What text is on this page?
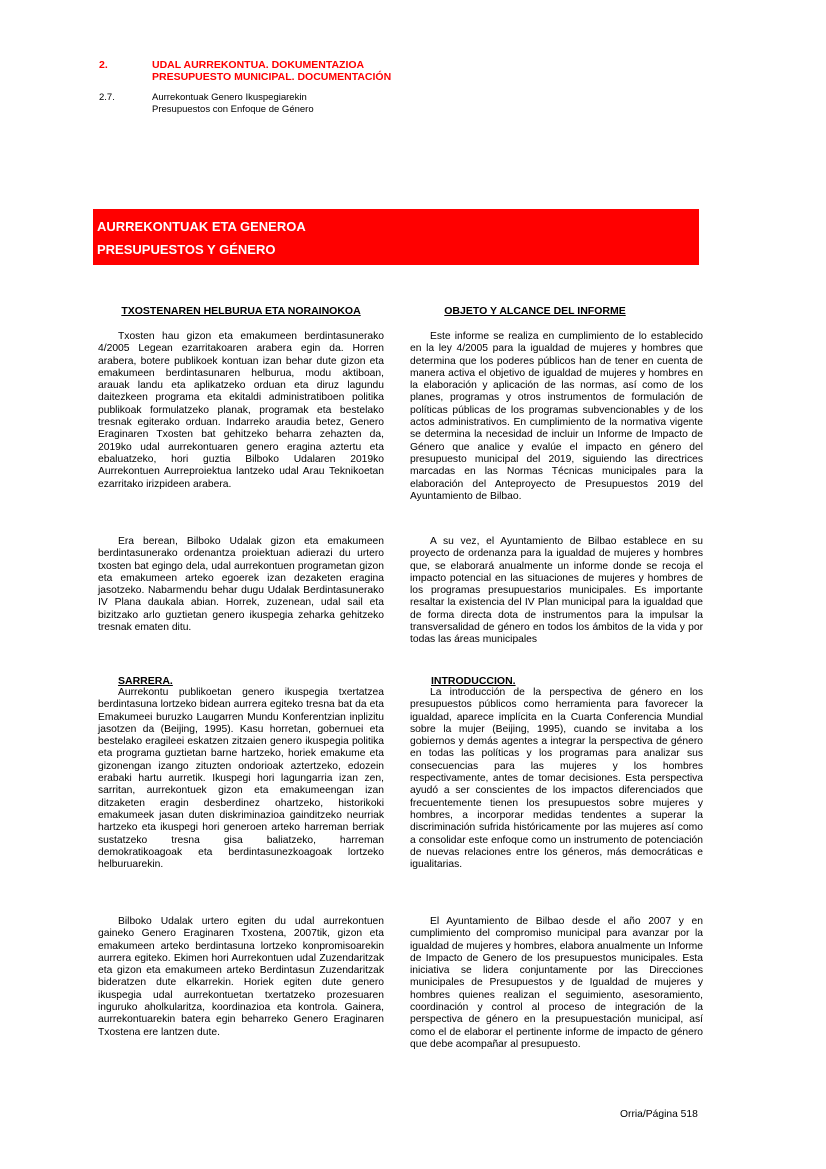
2.	UDAL AURREKONTUA. DOKUMENTAZIOA
PRESUPUESTO MUNICIPAL. DOCUMENTACIÓN
2.7.	Aurrekontuak Genero Ikuspegiarekin
Presupuestos con Enfoque de Género
AURREKONTUAK ETA GENEROA
PRESUPUESTOS Y GÉNERO
TXOSTENAREN HELBURUA ETA NORAINOKOA

Txosten hau gizon eta emakumeen berdintasunerako 4/2005 Legean ezarritakoaren arabera egin da. Horren arabera, botere publikoek kontuan izan behar dute gizon eta emakumeen berdintasunaren helburua, modu aktiboan, arauak landu eta aplikatzeko orduan eta diruz lagundu daitezkeen programa eta ekitaldi administratiboen politika publikoak formulatzeko planak, programak eta bestelako tresnak egiterako orduan. Indarreko araudia betez, Genero Eraginaren Txosten bat gehitzeko beharra zehazten da, 2019ko udal aurrekontuaren genero eragina aztertu eta ebaluatzeko, hori guztia Bilboko Udalaren 2019ko Aurrekontuen Aurreproiektua lantzeko udal Arau Teknikoetan ezarritako irizpideen arabera.

Era berean, Bilboko Udalak gizon eta emakumeen berdintasunerako ordenantza proiektuan adierazi du urtero txosten bat egingo dela, udal aurrekontuen programetan gizon eta emakumeen arteko egoerek izan dezaketen eragina jasotzeko. Nabarmendu behar dugu Udalak Berdintasunerako IV Plana daukala abian. Horrek, zuzenean, udal sail eta bizitzako arlo guztietan genero ikuspegia zeharka gehitzeko tresnak ematen ditu.

SARRERA.

Aurrekontu publikoetan genero ikuspegia txertatzea berdintasuna lortzeko bidean aurrera egiteko tresna bat da eta Emakumeei buruzko Laugarren Mundu Konferentzian inplizitu jasotzen da (Beijing, 1995). Kasu horretan, gobernuei eta bestelako eragileei eskatzen zitzaien genero ikuspegia politika eta programa guztietan barne hartzeko, horiek emakume eta gizonengan izango zituzten ondorioak aztertzeko, edozein erabaki hartu aurretik. Ikuspegi hori lagungarria izan zen, sarritan, aurrekontuek gizon eta emakumeengan izan ditzaketen eragin desberdinez ohartzeko, historikoki emakumeek jasan duten diskriminazioa gainditzeko neurriak hartzeko eta ikuspegi hori generoen arteko harreman berriak sustatzeko tresna gisa baliatzeko, harreman demokratikoagoak eta berdintasunezkoagoak lortzeko helburuarekin.

Bilboko Udalak urtero egiten du udal aurrekontuen gaineko Genero Eraginaren Txostena, 2007tik, gizon eta emakumeen arteko berdintasuna lortzeko konpromisoarekin aurrera egiteko. Ekimen hori Aurrekontuen udal Zuzendaritzak eta gizon eta emakumeen arteko Berdintasun Zuzendaritzak bideratzen dute elkarrekin. Horiek egiten dute genero ikuspegia udal aurrekontuetan txertatzeko prozesuaren inguruko aholkularitza, koordinazioa eta kontrola. Gainera, aurrekontuarekin batera egin beharreko Genero Eraginaren Txostena ere lantzen dute.

OBJETO Y ALCANCE DEL INFORME

Este informe se realiza en cumplimiento de lo establecido en la ley 4/2005 para la igualdad de mujeres y hombres que determina que los poderes públicos han de tener en cuenta de manera activa el objetivo de igualdad de mujeres y hombres en la elaboración y aplicación de las normas, así como de los planes, programas y otros instrumentos de formulación de políticas públicas de los programas subvencionables y de los actos administrativos. En cumplimiento de la normativa vigente se determina la necesidad de incluir un Informe de Impacto de Género que analice y evalúe el impacto en género del presupuesto municipal del 2019, siguiendo las directrices marcadas en las Normas Técnicas municipales para la elaboración del Anteproyecto de Presupuestos 2019 del Ayuntamiento de Bilbao.

A su vez, el Ayuntamiento de Bilbao establece en su proyecto de ordenanza para la igualdad de mujeres y hombres que, se elaborará anualmente un informe donde se recoja el impacto potencial en las situaciones de mujeres y hombres de los programas presupuestarios municipales. Es importante resaltar la existencia del IV Plan municipal para la igualdad que de forma directa dota de instrumentos para la impulsar la transversalidad de género en todos los ámbitos de la vida y por todas las áreas municipales

INTRODUCCION.

La introducción de la perspectiva de género en los presupuestos públicos como herramienta para favorecer la igualdad, aparece implícita en la Cuarta Conferencia Mundial sobre la mujer (Beijing, 1995), cuando se invitaba a los gobiernos y demás agentes a integrar la perspectiva de género en todas las políticas y los programas para analizar sus consecuencias para las mujeres y los hombres respectivamente, antes de tomar decisiones. Esta perspectiva ayudó a ser conscientes de los impactos diferenciados que frecuentemente tienen los presupuestos sobre mujeres y hombres, a incorporar medidas tendentes a superar la discriminación sufrida históricamente por las mujeres así como a consolidar este enfoque como un instrumento de potenciación de nuevas relaciones entre los géneros, más democráticas e igualitarias.

El Ayuntamiento de Bilbao desde el año 2007 y en cumplimiento del compromiso municipal para avanzar por la igualdad de mujeres y hombres, elabora anualmente un Informe de Impacto de Genero de los presupuestos municipales. Esta iniciativa se lidera conjuntamente por las Direcciones municipales de Presupuestos y de Igualdad de mujeres y hombres quienes realizan el seguimiento, asesoramiento, coordinación y control al proceso de integración de la perspectiva de género en la presupuestación municipal, así como el de elaborar el pertinente informe de impacto de género que debe acompañar al presupuesto.

Orria/Página 518
